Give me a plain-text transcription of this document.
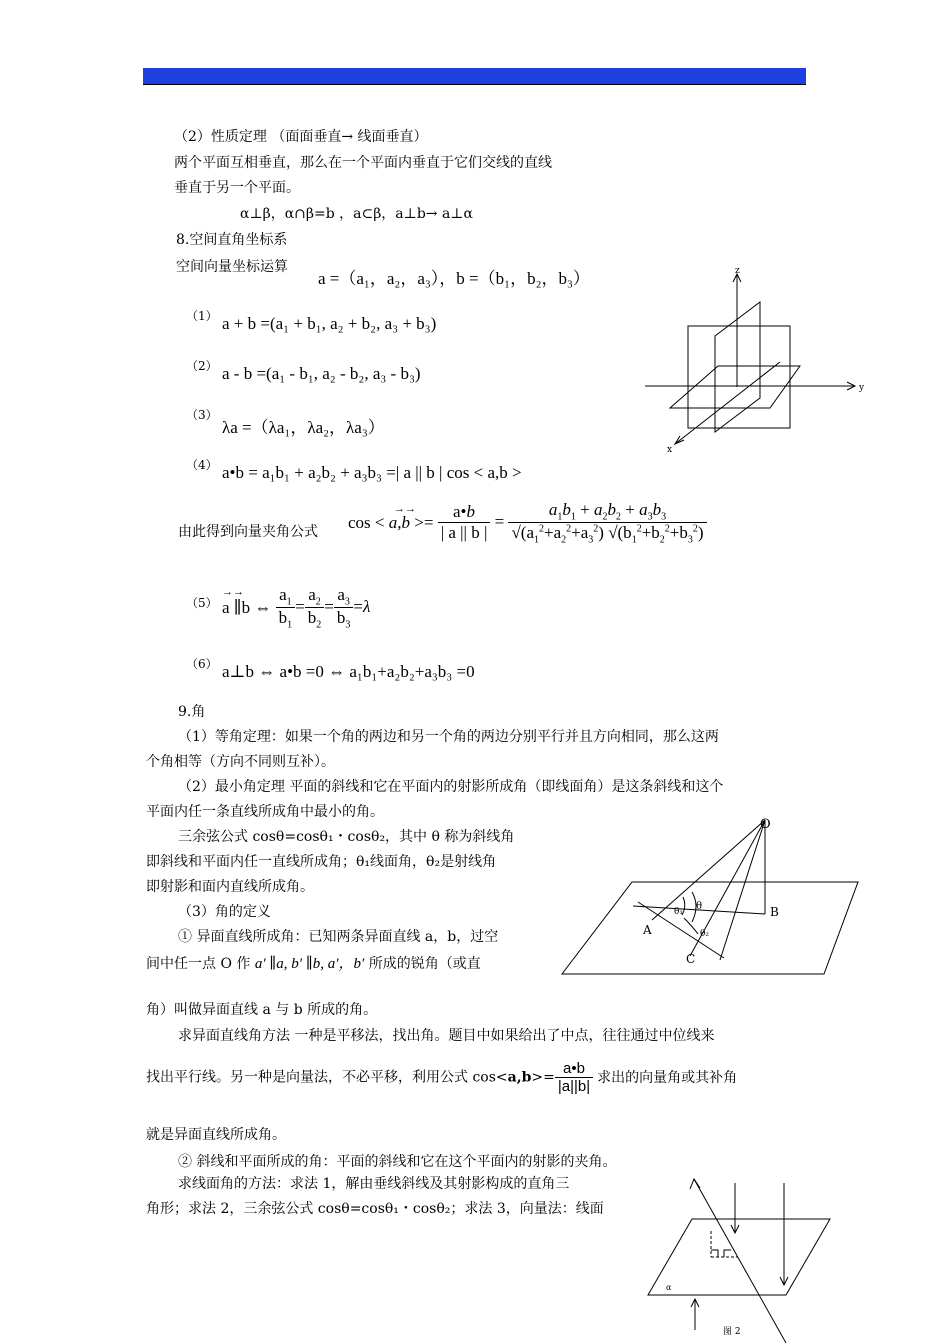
（2）性质定理 （面面垂直→ 线面垂直）
两个平面互相垂直，那么在一个平面内垂直于它们交线的直线
垂直于另一个平面。
α⊥β，α∩β=b ，a⊂β，a⊥b→ a⊥α
8.空间直角坐标系
空间向量坐标运算
a =（a₁，a₂，a₃），b =（b₁，b₂，b₃）
（1） a + b =(a₁ + b₁, a₂ + b₂, a₃ + b₃)
（2） a - b =(a₁ - b₁, a₂ - b₂, a₃ - b₃)
（3）
λa =（λa₁，λa₂，λa₃）
（4） a•b = a₁b₁ + a₂b₂ + a₃b₃ =| a || b | cos < a,b >
由此得到向量夹角公式
cos < a,b >=
→→
$\frac{a•b}{| a || b |} = \frac{a_1b_1 + a_2b_2 + a_3b_3}{√(a_1^2+a_2^2+a_3^2) √(b_1^2+b_2^2+b_3^2)}$
（5） a ∥b ⇔
→→
$\frac{a_1}{b_1} = \frac{a_2}{b_2} = \frac{a_3}{b_3} =\lambda$
（6） a⊥b ⇔ a•b =0 ⇔ a₁b₁+a₂b₂+a₃b₃ =0
z
y
x
9.角
（1）等角定理：如果一个角的两边和另一个角的两边分别平行并且方向相同，那么这两
个角相等（方向不同则互补）。
（2）最小角定理 平面的斜线和它在平面内的射影所成角（即线面角）是这条斜线和这个
平面内任一条直线所成角中最小的角。
三余弦公式 cosθ=cosθ₁・cosθ₂，其中 θ 称为斜线角
即斜线和平面内任一直线所成角；θ₁线面角，θ₂是射线角
即射影和面内直线所成角。
（3）角的定义
① 异面直线所成角：已知两条异面直线 a，b，过空
间中任一点 O 作 a′ ∥a, b′ ∥b, a′，b′ 所成的锐角（或直
角）叫做异面直线 a 与 b 所成的角。
求异面直线角方法 一种是平移法，找出角。题目中如果给出了中点，往往通过中位线来
找出平行线。另一种是向量法，不必平移，利用公式 $\cos<a,b>= \frac{a•b}{|a||b|}$ 求出的向量角或其补角
就是异面直线所成角。
② 斜线和平面所成的角：平面的斜线和它在这个平面内的射影的夹角。
求线面角的方法：求法 1，解由垂线斜线及其射影构成的直角三
角形；求法 2，三余弦公式 cosθ=cosθ₁・cosθ₂；求法 3，向量法：线面
O
A
B
C
θ
θ₁
θ₂
α
图 2
